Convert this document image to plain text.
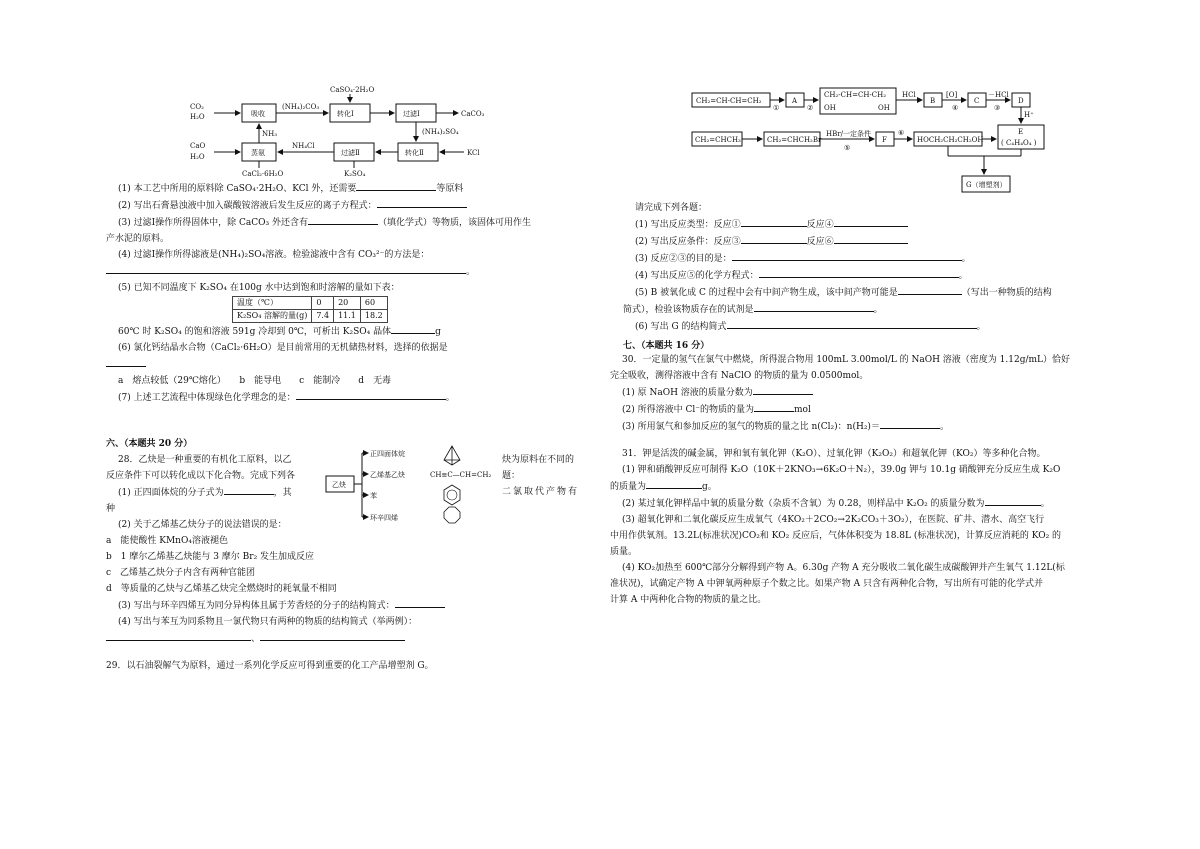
CO₂
H₂O	吸收
(NH₄)₂CO₃
转化Ⅰ
CaSO₄·2H₂O
过滤Ⅰ	CaCO₃
(NH₄)₂SO₄
CaO
H₂O	蒸氨
NH₃
CaCl₂·6H₂O
过滤Ⅱ
NH₄Cl
K₂SO₄
转化Ⅱ	KCl
(1) 本工艺中所用的原料除 CaSO₄·2H₂O、KCl 外，还需要	等原料
(2) 写出石膏悬浊液中加入碳酸铵溶液后发生反应的离子方程式：
(3) 过滤Ⅰ操作所得固体中，除 CaCO₃ 外还含有	（填化学式）等物质，该固体可用作生
产水泥的原料。
(4) 过滤Ⅰ操作所得滤液是(NH₄)₂SO₄溶液。检验滤液中含有 CO₃²⁻的方法是：
。
(5) 已知不同温度下 K₂SO₄ 在100g 水中达到饱和时溶解的量如下表：
温度（℃）	0	20	60
K₂SO₄ 溶解的量(g)	7.4	11.1	18.2
60℃ 时 K₂SO₄ 的饱和溶液 591g 冷却到 0℃，可析出 K₂SO₄ 晶体	g
(6) 氯化钙结晶水合物（CaCl₂·6H₂O）是目前常用的无机储热材料，选择的依据是
a　熔点较低（29℃熔化）　　b　能导电　　c　能制冷　　d　无毒
(7) 上述工艺流程中体现绿色化学理念的是：	。
六、（本题共 20 分）
28．乙炔是一种重要的有机化工原料，以乙
反应条件下可以转化成以下化合物。完成下列各
(1) 正四面体烷的分子式为	，其
种
(2) 关于乙烯基乙炔分子的说法错误的是：
a　能使酸性 KMnO₄溶液褪色
b　1 摩尔乙烯基乙炔能与 3 摩尔 Br₂ 发生加成反应
c　乙烯基乙炔分子内含有两种官能团
d　等质量的乙炔与乙烯基乙炔完全燃烧时的耗氧量不相同
(3) 写出与环辛四烯互为同分异构体且属于芳香烃的分子的结构简式：
(4) 写出与苯互为同系物且一氯代物只有两种的物质的结构简式（举两例）：
、
炔为原料在不同的
题：
二氯取代产物有
乙炔
正四面体烷
乙烯基乙炔	CH≡C—CH=CH₂
苯
环辛四烯
29．以石油裂解气为原料，通过一系列化学反应可得到重要的化工产品增塑剂 G。
CH₂=CH-CH=CH₂
①
A
②
CH₂-CH=CH-CH₂
OH	OH
HCl
B
[O]
C
－HCl
③
D
H⁺
E
( C₄H₄O₄ )
CH₂=CHCH₃	CH₂=CHCH₂Br
HBr/一定条件
⑤
F
⑥
HOCH₂CH₂CH₂OH
④
G（增塑剂）
请完成下列各题：
(1) 写出反应类型：反应①	反应④
(2) 写出反应条件：反应③	反应⑥
(3) 反应②③的目的是：	。
(4) 写出反应⑤的化学方程式：	。
(5) B 被氧化成 C 的过程中会有中间产物生成，该中间产物可能是	（写出一种物质的结构
简式），检验该物质存在的试剂是	。
(6) 写出 G 的结构简式	。
七、（本题共 16 分）
30．一定量的氢气在氯气中燃烧，所得混合物用 100mL 3.00mol/L 的 NaOH 溶液（密度为 1.12g/mL）恰好
完全吸收，测得溶液中含有 NaClO 的物质的量为 0.0500mol。
(1) 原 NaOH 溶液的质量分数为
(2) 所得溶液中 Cl⁻的物质的量为	mol
(3) 所用氯气和参加反应的氢气的物质的量之比 n(Cl₂)：n(H₂)＝	。
31．钾是活泼的碱金属，钾和氧有氧化钾（K₂O）、过氧化钾（K₂O₂）和超氧化钾（KO₂）等多种化合物。
(1) 钾和硝酸钾反应可制得 K₂O（10K＋2KNO₃→6K₂O＋N₂），39.0g 钾与 10.1g 硝酸钾充分反应生成 K₂O
的质量为	g。
(2) 某过氧化钾样品中氧的质量分数（杂质不含氧）为 0.28，则样品中 K₂O₂ 的质量分数为	。
(3) 超氧化钾和二氧化碳反应生成氧气（4KO₂＋2CO₂→2K₂CO₃＋3O₂），在医院、矿井、潜水、高空飞行
中用作供氧剂。13.2L(标准状况)CO₂和 KO₂ 反应后，气体体积变为 18.8L (标准状况)，计算反应消耗的 KO₂ 的
质量。
(4) KO₂加热至 600℃部分分解得到产物 A。6.30g 产物 A 充分吸收二氧化碳生成碳酸钾并产生氧气 1.12L(标
准状况)，试确定产物 A 中钾氧两种原子个数之比。如果产物 A 只含有两种化合物，写出所有可能的化学式并
计算 A 中两种化合物的物质的量之比。
